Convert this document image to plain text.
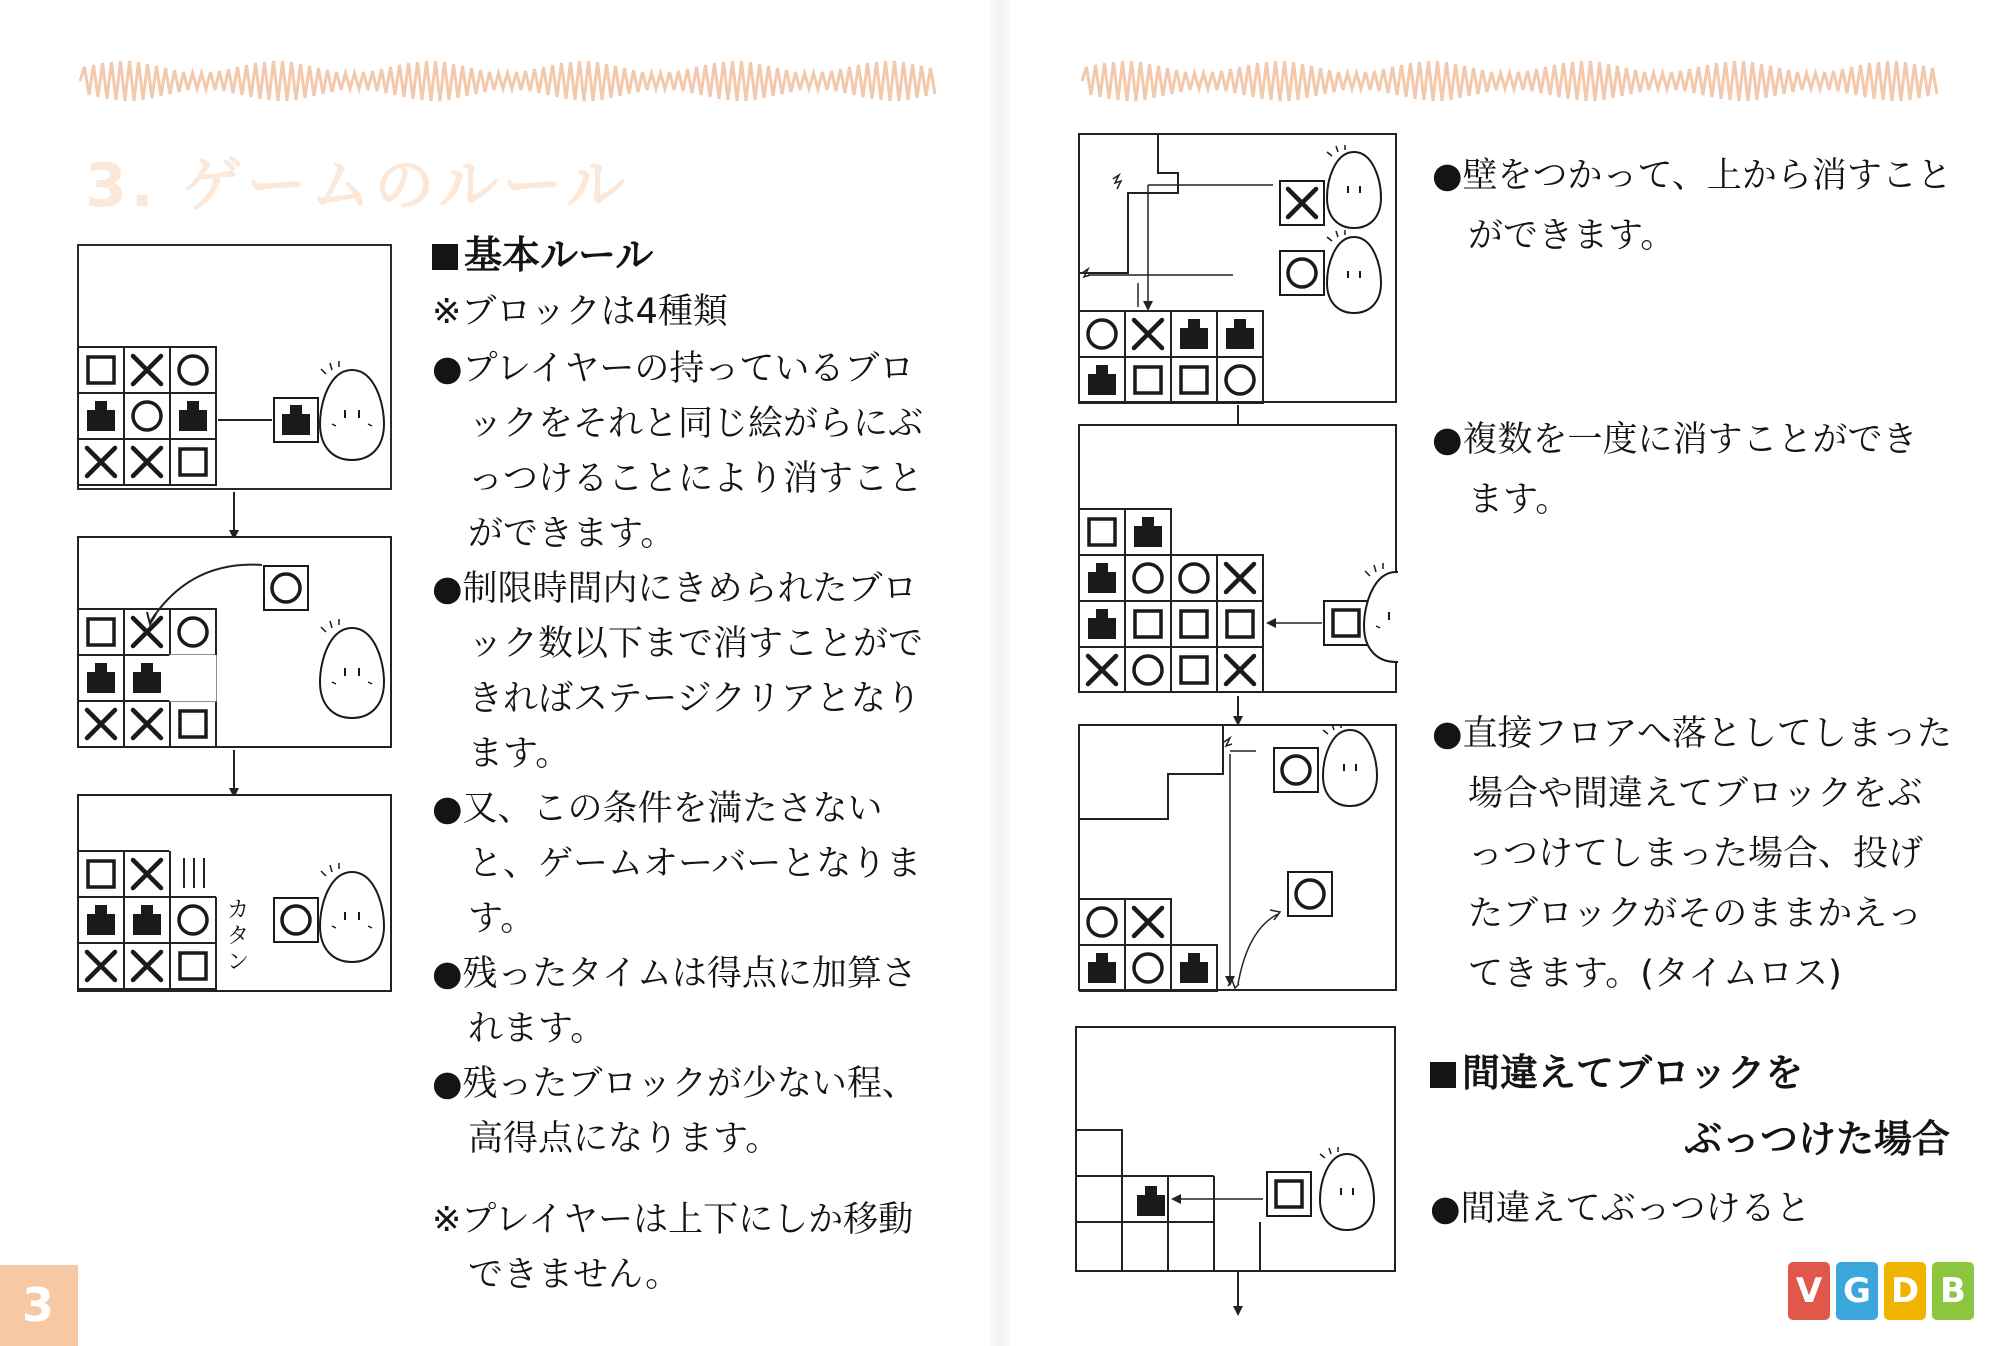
3. ゲームのルール
カタン
基本ルール

※ブロックは4種類

●プレイヤーの持っているブロックをそれと同じ絵がらにぶっつけることにより消すことができます。

●制限時間内にきめられたブロック数以下まで消すことができればステージクリアとなります。

●又、この条件を満たさないと、ゲームオーバーとなります。

●残ったタイムは得点に加算されます。

●残ったブロックが少ない程、高得点になります。

※プレイヤーは上下にしか移動できません。

3

●壁をつかって、上から消すことができます。

●複数を一度に消すことができます。

●直接フロアへ落としてしまった場合や間違えてブロックをぶっつけてしまった場合、投げたブロックがそのままかえってきます。(タイムロス)

間違えてブロックを
ぶっつけた場合

●間違えてぶっつけると

V G D B
